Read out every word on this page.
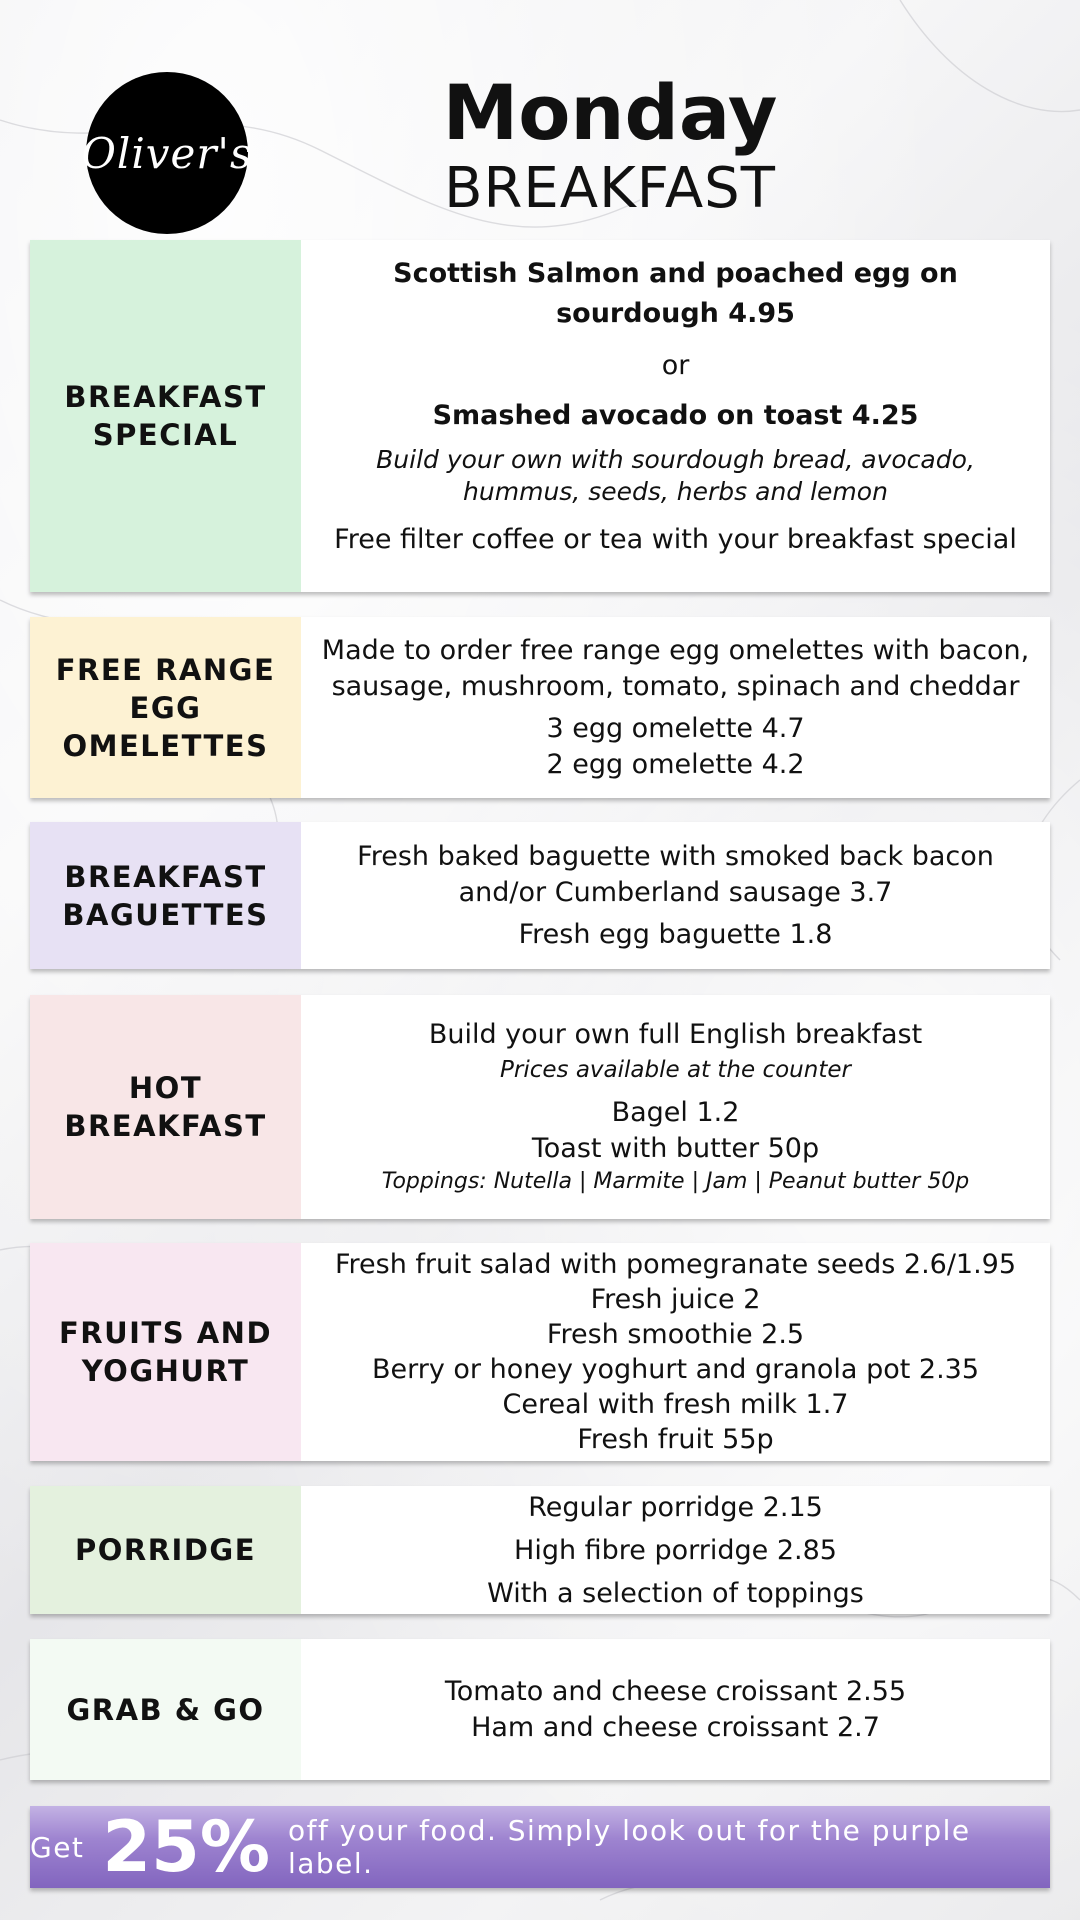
Oliver's	Monday
BREAKFAST
BREAKFAST SPECIAL
Scottish Salmon and poached egg on sourdough 4.95
or
Smashed avocado on toast 4.25
Build your own with sourdough bread, avocado, hummus, seeds, herbs and lemon
Free filter coffee or tea with your breakfast special
FREE RANGE EGG OMELETTES
Made to order free range egg omelettes with bacon, sausage, mushroom, tomato, spinach and cheddar
3 egg omelette 4.7
2 egg omelette 4.2
BREAKFAST BAGUETTES
Fresh baked baguette with smoked back bacon and/or Cumberland sausage 3.7
Fresh egg baguette 1.8
HOT BREAKFAST
Build your own full English breakfast
Prices available at the counter
Bagel 1.2
Toast with butter 50p
Toppings: Nutella | Marmite | Jam | Peanut butter 50p
FRUITS AND YOGHURT
Fresh fruit salad with pomegranate seeds 2.6/1.95
Fresh juice 2
Fresh smoothie 2.5
Berry or honey yoghurt and granola pot 2.35
Cereal with fresh milk 1.7
Fresh fruit 55p
PORRIDGE
Regular porridge 2.15
High fibre porridge 2.85
With a selection of toppings
GRAB & GO
Tomato and cheese croissant 2.55
Ham and cheese croissant 2.7
Get 25% off your food. Simply look out for the purple label.
